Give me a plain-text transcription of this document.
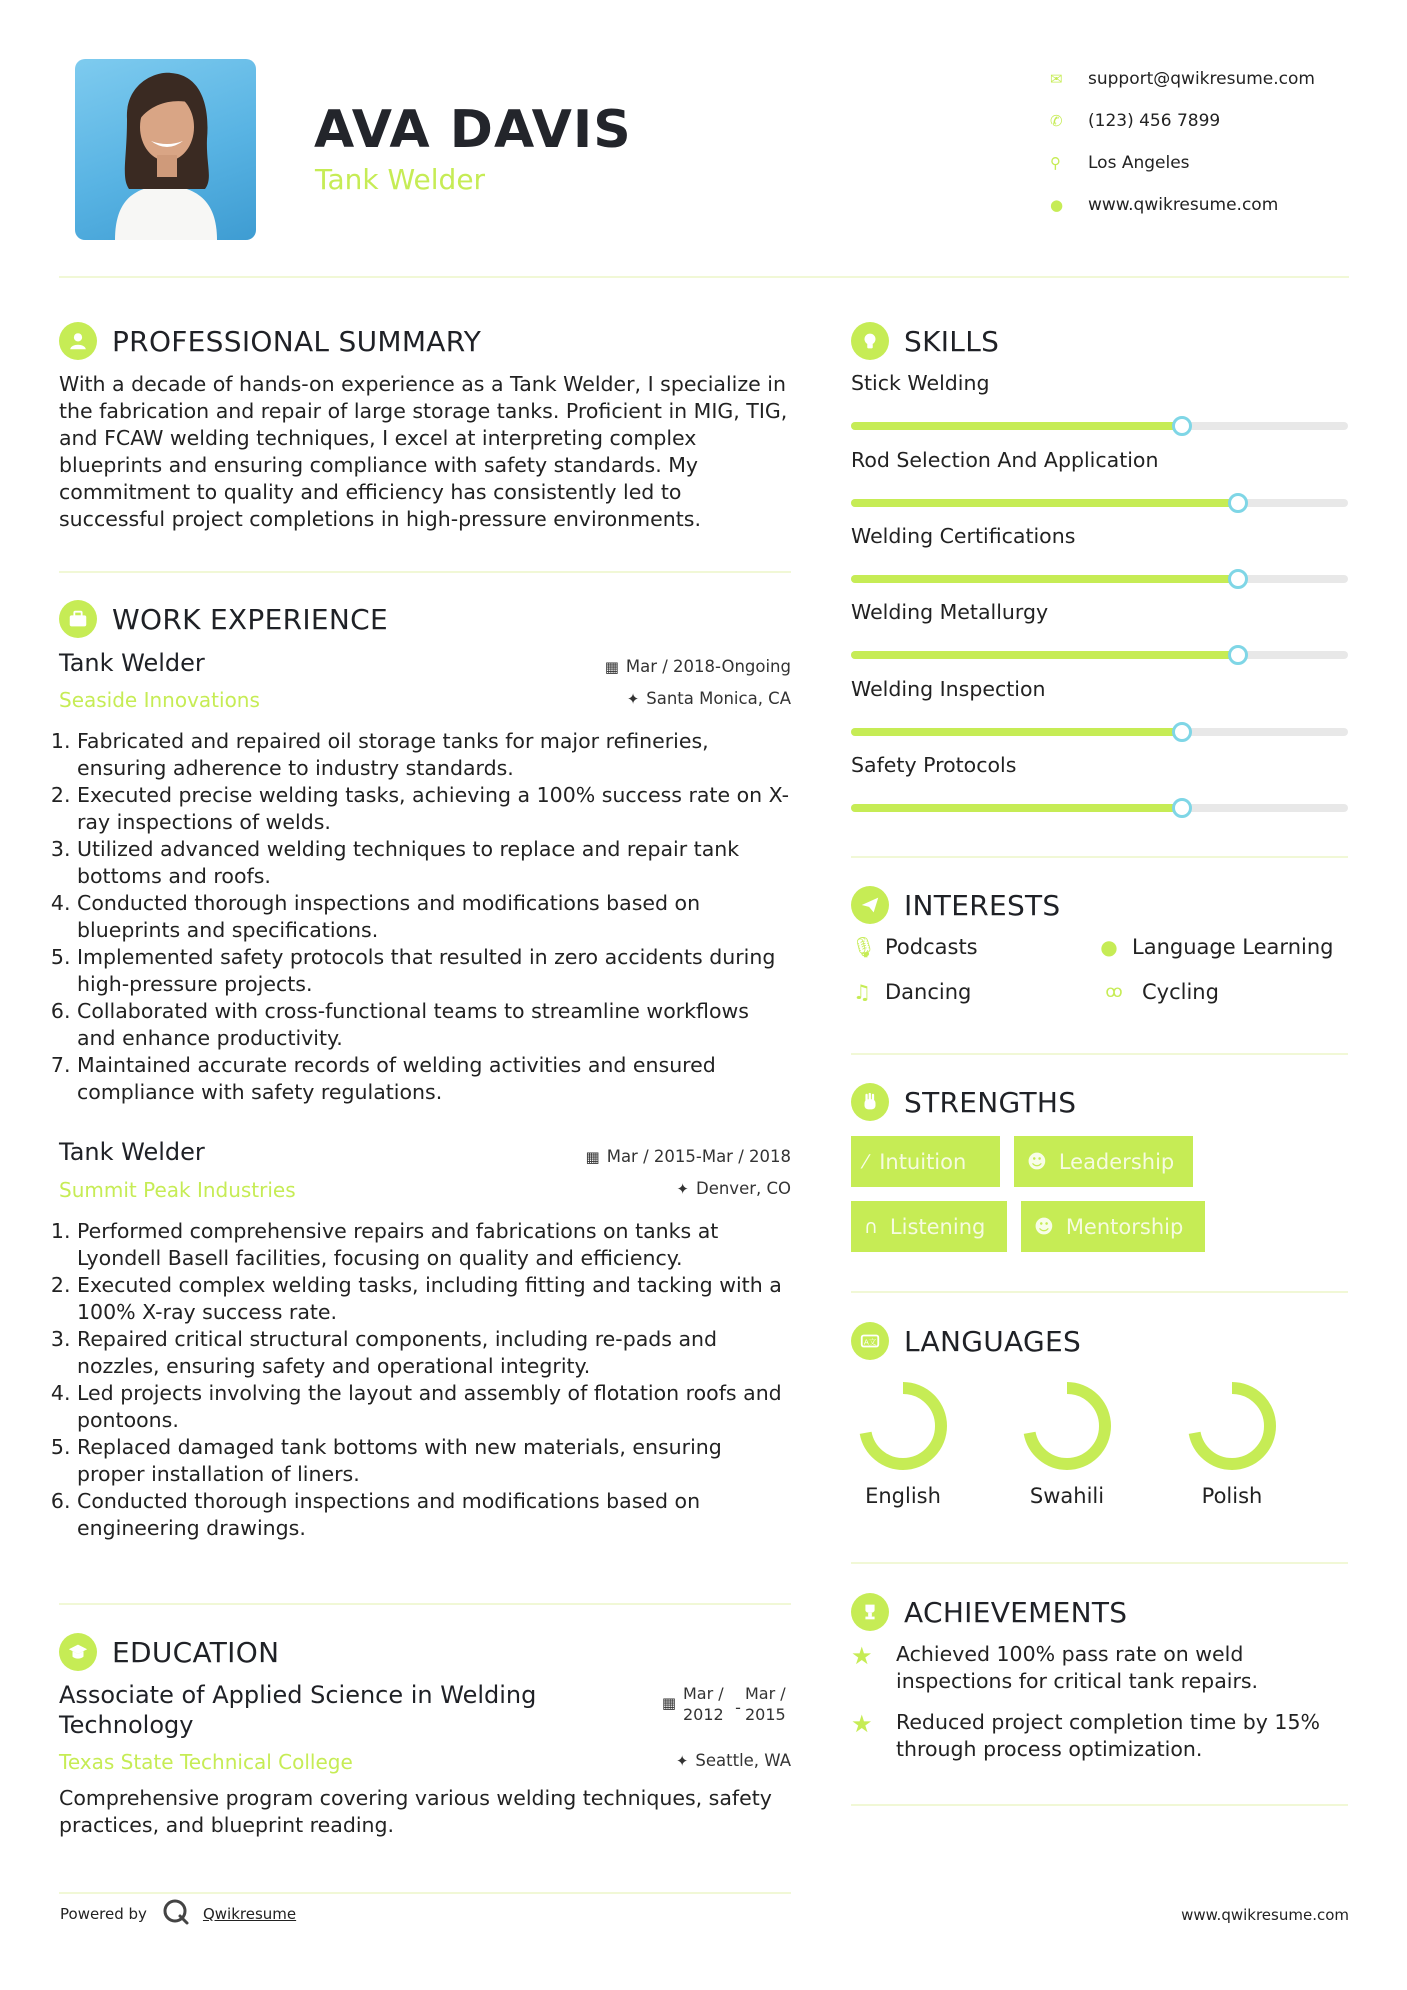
AVA DAVIS
Tank Welder
✉	support@qwikresume.com
✆	(123) 456 7899
⚲	Los Angeles
●	www.qwikresume.com
PROFESSIONAL SUMMARY
With a decade of hands-on experience as a Tank Welder, I specialize in the fabrication and repair of large storage tanks. Proficient in MIG, TIG, and FCAW welding techniques, I excel at interpreting complex blueprints and ensuring compliance with safety standards. My commitment to quality and efficiency has consistently led to successful project completions in high-pressure environments.
WORK EXPERIENCE
Tank Welder	▦ Mar / 2018-Ongoing
Seaside Innovations	✦ Santa Monica, CA
1. Fabricated and repaired oil storage tanks for major refineries, ensuring adherence to industry standards.
2. Executed precise welding tasks, achieving a 100% success rate on X-ray inspections of welds.
3. Utilized advanced welding techniques to replace and repair tank bottoms and roofs.
4. Conducted thorough inspections and modifications based on blueprints and specifications.
5. Implemented safety protocols that resulted in zero accidents during high-pressure projects.
6. Collaborated with cross-functional teams to streamline workflows and enhance productivity.
7. Maintained accurate records of welding activities and ensured compliance with safety regulations.
Tank Welder	▦ Mar / 2015-Mar / 2018
Summit Peak Industries	✦ Denver, CO
1. Performed comprehensive repairs and fabrications on tanks at Lyondell Basell facilities, focusing on quality and efficiency.
2. Executed complex welding tasks, including fitting and tacking with a 100% X-ray success rate.
3. Repaired critical structural components, including re-pads and nozzles, ensuring safety and operational integrity.
4. Led projects involving the layout and assembly of flotation roofs and pontoons.
5. Replaced damaged tank bottoms with new materials, ensuring proper installation of liners.
6. Conducted thorough inspections and modifications based on engineering drawings.
EDUCATION
Associate of Applied Science in Welding Technology
▦ Mar / 2012 -
Mar / 2015
Texas State Technical College	✦ Seattle, WA
Comprehensive program covering various welding techniques, safety practices, and blueprint reading.
SKILLS
Stick Welding
Rod Selection And Application
Welding Certifications
Welding Metallurgy
Welding Inspection
Safety Protocols
INTERESTS
🎙︎ Podcasts	● Language Learning
♫ Dancing	ꝏ Cycling
STRENGTHS
⁄ Intuition	☻ Leadership
∩ Listening	☻ Mentorship
A文 LANGUAGES
English	Swahili	Polish
ACHIEVEMENTS
★	Achieved 100% pass rate on weld inspections for critical tank repairs.
★	Reduced project completion time by 15% through process optimization.
Powered by	Qwikresume	www.qwikresume.com
